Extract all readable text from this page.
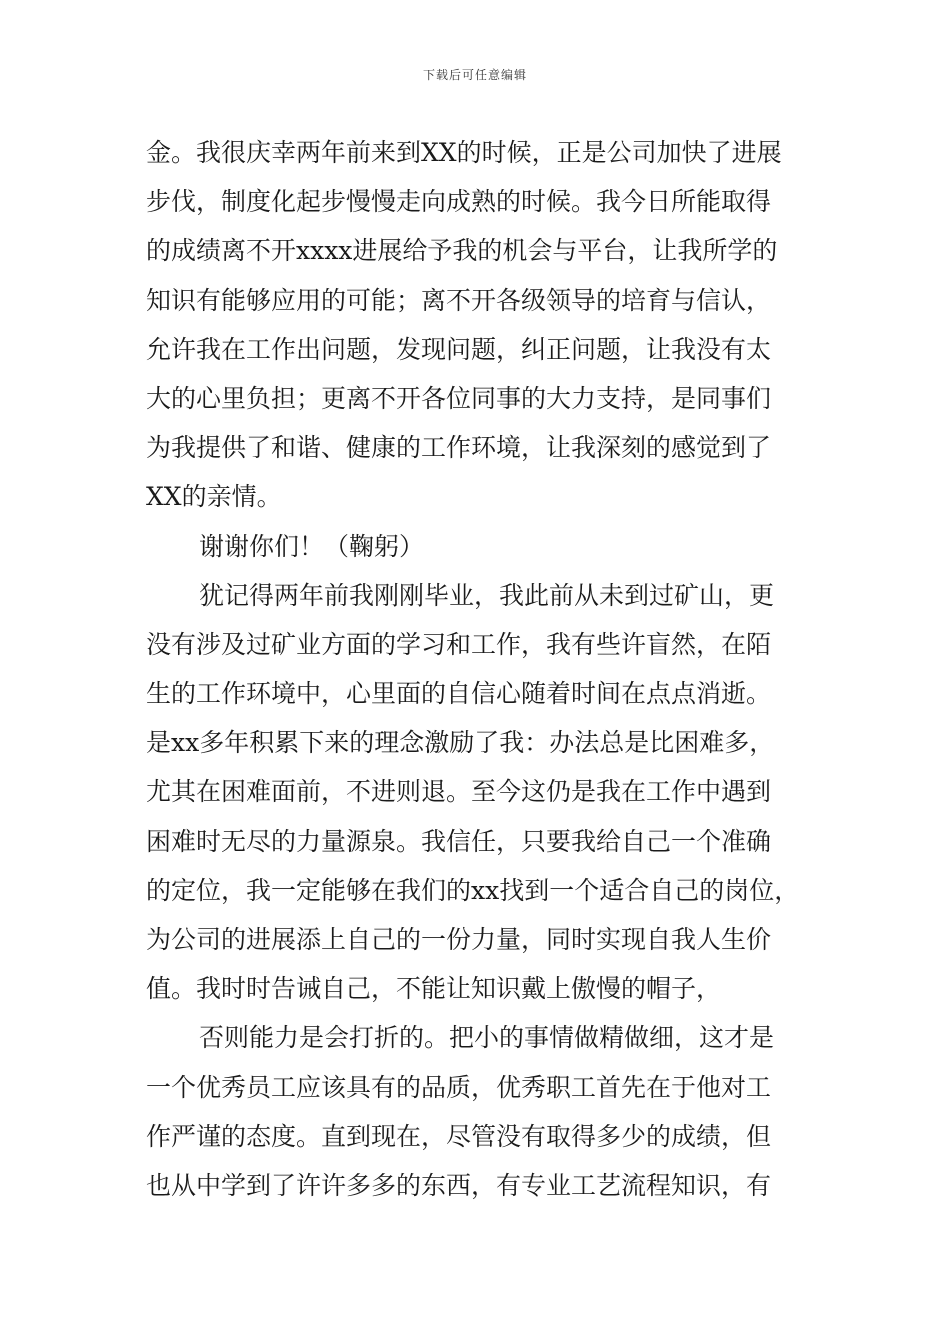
下载后可任意编辑
金。我很庆幸两年前来到XX的时候，正是公司加快了进展
步伐，制度化起步慢慢走向成熟的时候。我今日所能取得
的成绩离不开xxxx进展给予我的机会与平台，让我所学的
知识有能够应用的可能；离不开各级领导的培育与信认，
允许我在工作出问题，发现问题，纠正问题，让我没有太
大的心里负担；更离不开各位同事的大力支持，是同事们
为我提供了和谐、健康的工作环境，让我深刻的感觉到了
XX的亲情。
谢谢你们！（鞠躬）
犹记得两年前我刚刚毕业，我此前从未到过矿山，更
没有涉及过矿业方面的学习和工作，我有些许盲然，在陌
生的工作环境中，心里面的自信心随着时间在点点消逝。
是xx多年积累下来的理念激励了我：办法总是比困难多，
尤其在困难面前，不进则退。至今这仍是我在工作中遇到
困难时无尽的力量源泉。我信任，只要我给自己一个准确
的定位，我一定能够在我们的xx找到一个适合自己的岗位，
为公司的进展添上自己的一份力量，同时实现自我人生价
值。我时时告诫自己，不能让知识戴上傲慢的帽子，
否则能力是会打折的。把小的事情做精做细，这才是
一个优秀员工应该具有的品质，优秀职工首先在于他对工
作严谨的态度。直到现在，尽管没有取得多少的成绩，但
也从中学到了许许多多的东西，有专业工艺流程知识，有
